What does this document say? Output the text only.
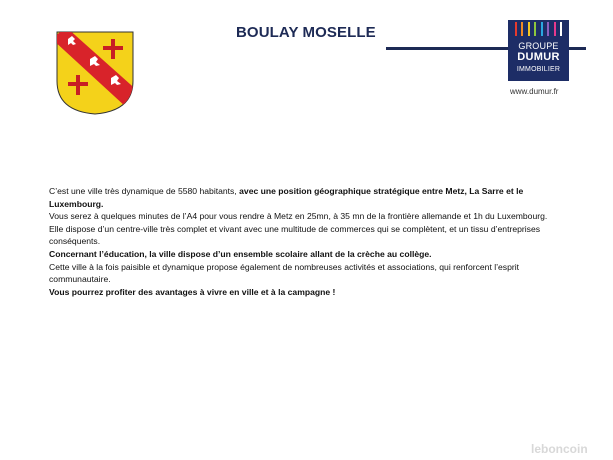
BOULAY MOSELLE
GROUPE
DUMUR
IMMOBILIER
www.dumur.fr

C’est une ville très dynamique de 5580 habitants, avec une position géographique stratégique entre Metz, La Sarre et le Luxembourg.

Vous serez à quelques minutes de l’A4 pour vous rendre à Metz en 25mn, à 35 mn de la frontière allemande et 1h du Luxembourg.

Elle dispose d’un centre-ville très complet et vivant avec une multitude de commerces qui se complètent, et un tissu d’entreprises conséquents.

Concernant l’éducation, la ville dispose d’un ensemble scolaire allant de la crèche au collège.

Cette ville à la fois paisible et dynamique propose également de nombreuses activités et associations, qui renforcent l’esprit communautaire.

Vous pourrez profiter des avantages à vivre en ville et à la campagne !

leboncoin
